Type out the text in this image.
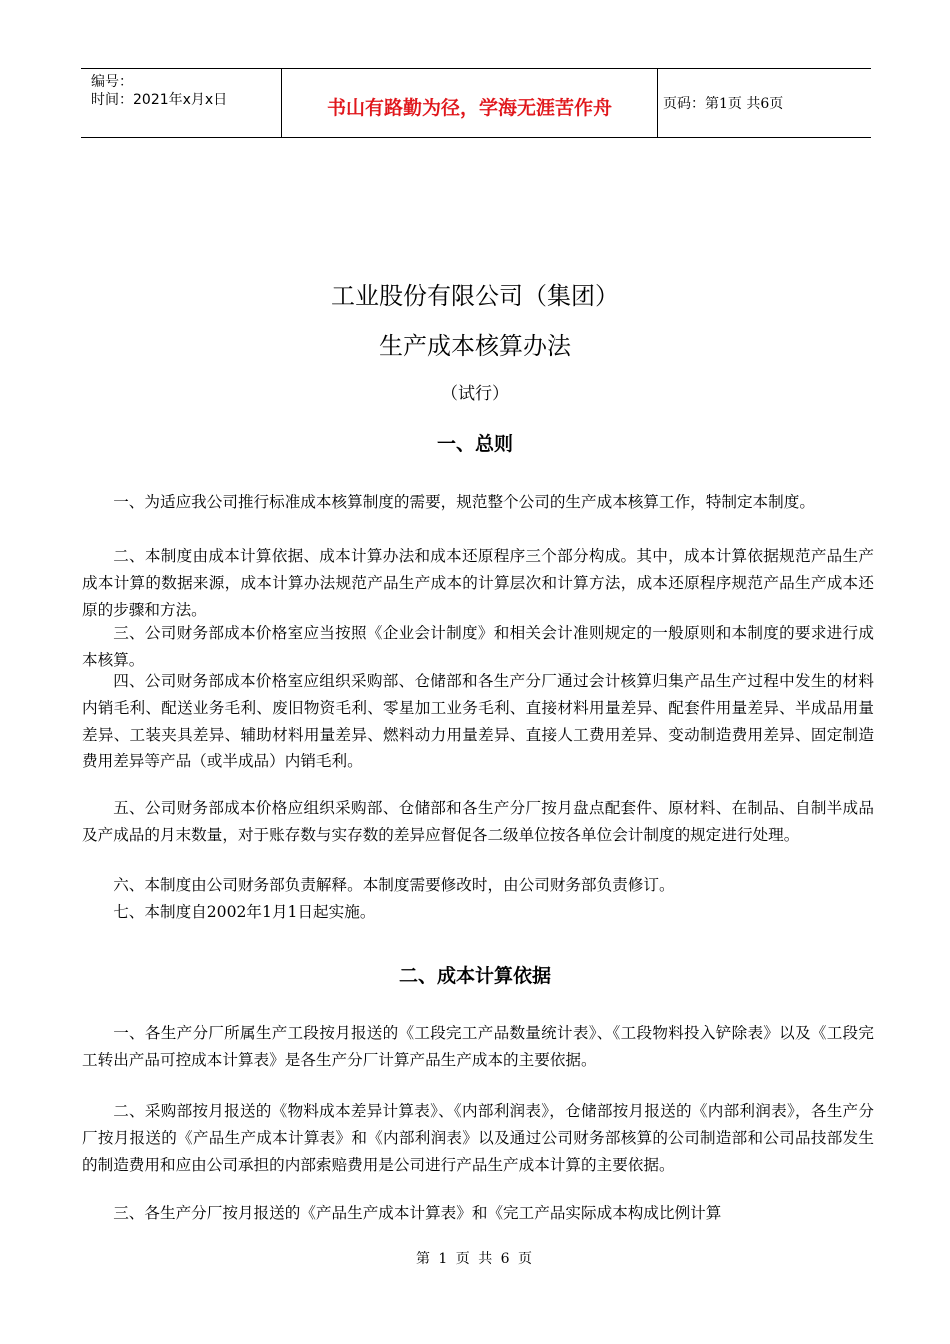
编号：
时间：2021年x月x日	书山有路勤为径，学海无涯苦作舟	页码：第1页 共6页
工业股份有限公司（集团）
生产成本核算办法
（试行）
一、总则

一、为适应我公司推行标准成本核算制度的需要，规范整个公司的生产成本核算工作，特制定本制度。

二、本制度由成本计算依据、成本计算办法和成本还原程序三个部分构成。其中，成本计算依据规范产品生产成本计算的数据来源，成本计算办法规范产品生产成本的计算层次和计算方法，成本还原程序规范产品生产成本还原的步骤和方法。

三、公司财务部成本价格室应当按照《企业会计制度》和相关会计准则规定的一般原则和本制度的要求进行成本核算。

四、公司财务部成本价格室应组织采购部、仓储部和各生产分厂通过会计核算归集产品生产过程中发生的材料内销毛利、配送业务毛利、废旧物资毛利、零星加工业务毛利、直接材料用量差异、配套件用量差异、半成品用量差异、工装夹具差异、辅助材料用量差异、燃料动力用量差异、直接人工费用差异、变动制造费用差异、固定制造费用差异等产品（或半成品）内销毛利。

五、公司财务部成本价格应组织采购部、仓储部和各生产分厂按月盘点配套件、原材料、在制品、自制半成品及产成品的月末数量，对于账存数与实存数的差异应督促各二级单位按各单位会计制度的规定进行处理。

六、本制度由公司财务部负责解释。本制度需要修改时，由公司财务部负责修订。

七、本制度自2002年1月1日起实施。

二、成本计算依据

一、各生产分厂所属生产工段按月报送的《工段完工产品数量统计表》、《工段物料投入铲除表》以及《工段完工转出产品可控成本计算表》是各生产分厂计算产品生产成本的主要依据。

二、采购部按月报送的《物料成本差异计算表》、《内部利润表》，仓储部按月报送的《内部利润表》，各生产分厂按月报送的《产品生产成本计算表》和《内部利润表》以及通过公司财务部核算的公司制造部和公司品技部发生的制造费用和应由公司承担的内部索赔费用是公司进行产品生产成本计算的主要依据。

三、各生产分厂按月报送的《产品生产成本计算表》和《完工产品实际成本构成比例计算

第 1 页 共 6 页
